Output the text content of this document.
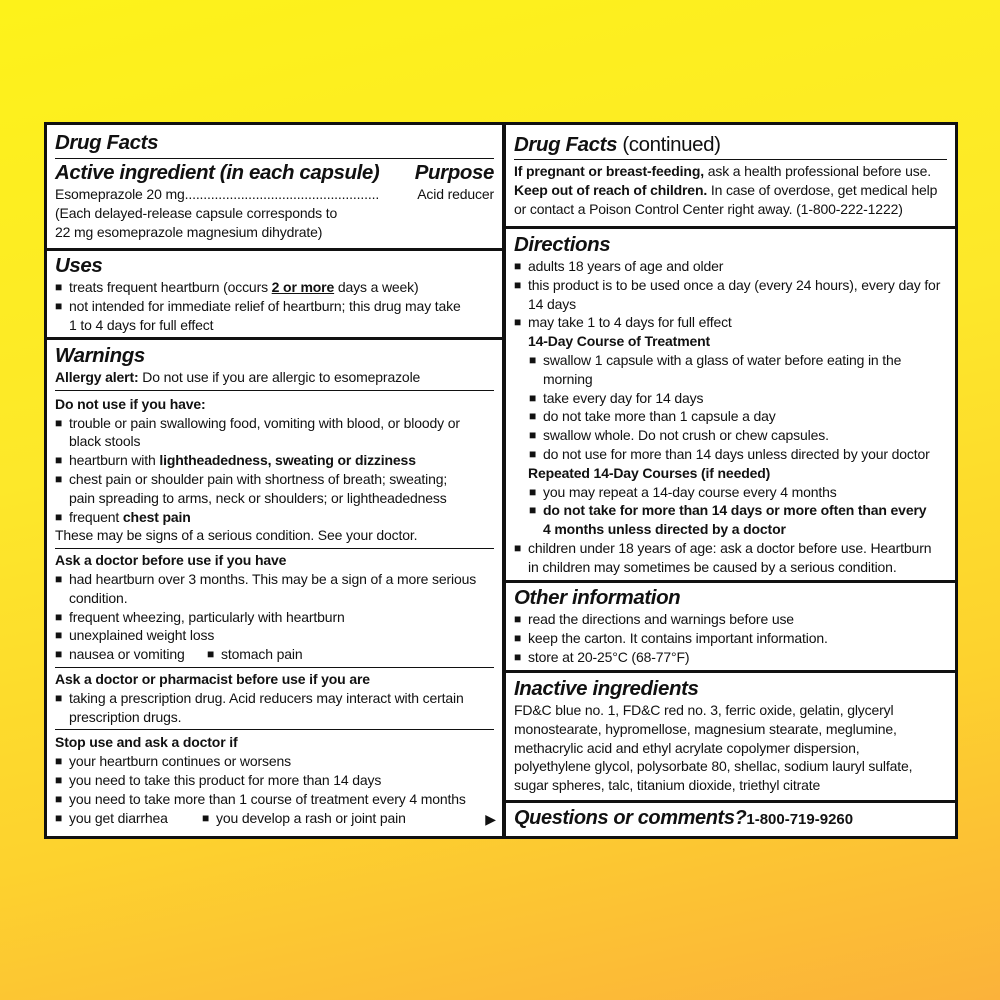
Drug Facts
Active ingredient (in each capsule) Purpose
Esomeprazole 20 mg ....................................................	Acid reducer
(Each delayed-release capsule corresponds to
22 mg esomeprazole magnesium dihydrate)
Uses
■ treats frequent heartburn (occurs 2 or more days a week)
■ not intended for immediate relief of heartburn; this drug may take
1 to 4 days for full effect
Warnings
Allergy alert: Do not use if you are allergic to esomeprazole
Do not use if you have:
■ trouble or pain swallowing food, vomiting with blood, or bloody or
black stools
■ heartburn with lightheadedness, sweating or dizziness
■ chest pain or shoulder pain with shortness of breath; sweating;
pain spreading to arms, neck or shoulders; or lightheadedness
■ frequent chest pain
These may be signs of a serious condition. See your doctor.
Ask a doctor before use if you have
■ had heartburn over 3 months. This may be a sign of a more serious
condition.
■ frequent wheezing, particularly with heartburn
■ unexplained weight loss
■ nausea or vomiting	■ stomach pain
Ask a doctor or pharmacist before use if you are
■ taking a prescription drug. Acid reducers may interact with certain
prescription drugs.
Stop use and ask a doctor if
■ your heartburn continues or worsens
■ you need to take this product for more than 14 days
■ you need to take more than 1 course of treatment every 4 months
■ you get diarrhea	■ you develop a rash or joint pain	▶
Drug Facts (continued)
If pregnant or breast-feeding, ask a health professional before use.
Keep out of reach of children. In case of overdose, get medical help
or contact a Poison Control Center right away. (1-800-222-1222)
Directions
■ adults 18 years of age and older
■ this product is to be used once a day (every 24 hours), every day for
14 days
■ may take 1 to 4 days for full effect
14-Day Course of Treatment
■ swallow 1 capsule with a glass of water before eating in the
morning
■ take every day for 14 days
■ do not take more than 1 capsule a day
■ swallow whole. Do not crush or chew capsules.
■ do not use for more than 14 days unless directed by your doctor
Repeated 14-Day Courses (if needed)
■ you may repeat a 14-day course every 4 months
■ do not take for more than 14 days or more often than every
4 months unless directed by a doctor
■ children under 18 years of age: ask a doctor before use. Heartburn
in children may sometimes be caused by a serious condition.
Other information
■ read the directions and warnings before use
■ keep the carton. It contains important information.
■ store at 20-25°C (68-77°F)
Inactive ingredients
FD&C blue no. 1, FD&C red no. 3, ferric oxide, gelatin, glyceryl
monostearate, hypromellose, magnesium stearate, meglumine,
methacrylic acid and ethyl acrylate copolymer dispersion,
polyethylene glycol, polysorbate 80, shellac, sodium lauryl sulfate,
sugar spheres, talc, titanium dioxide, triethyl citrate
Questions or comments?1-800-719-9260
